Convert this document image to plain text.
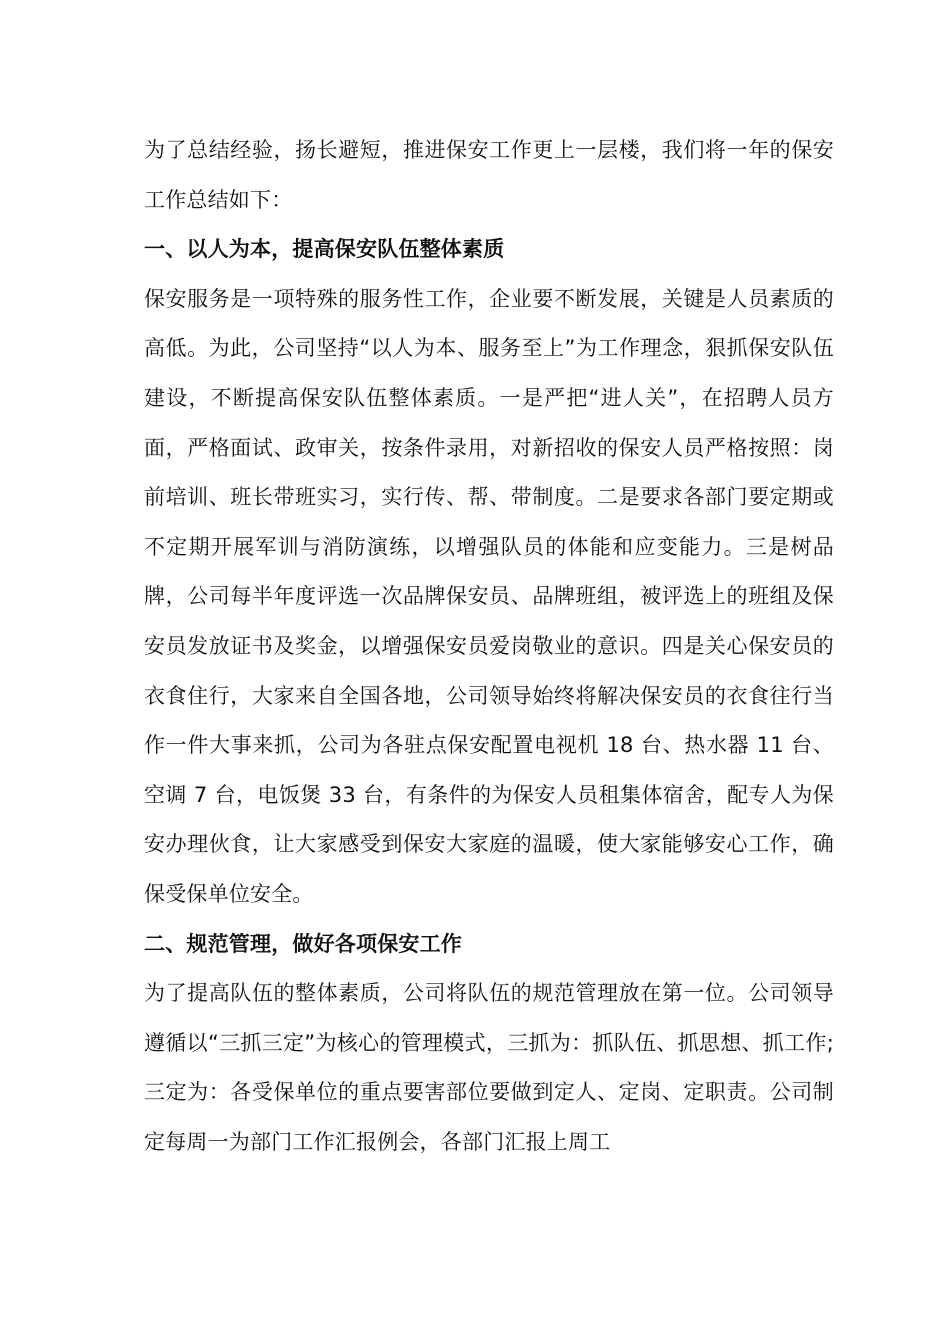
为了总结经验，扬长避短，推进保安工作更上一层楼，我们将一年的保安工作总结如下：

一、以人为本，提高保安队伍整体素质

保安服务是一项特殊的服务性工作，企业要不断发展，关键是人员素质的高低。为此，公司坚持“以人为本、服务至上”为工作理念，狠抓保安队伍建设，不断提高保安队伍整体素质。一是严把“进人关”，在招聘人员方面，严格面试、政审关，按条件录用，对新招收的保安人员严格按照：岗前培训、班长带班实习，实行传、帮、带制度。二是要求各部门要定期或不定期开展军训与消防演练，以增强队员的体能和应变能力。三是树品牌，公司每半年度评选一次品牌保安员、品牌班组，被评选上的班组及保安员发放证书及奖金，以增强保安员爱岗敬业的意识。四是关心保安员的衣食住行，大家来自全国各地，公司领导始终将解决保安员的衣食往行当作一件大事来抓，公司为各驻点保安配置电视机 18 台、热水器 11 台、空调 7 台，电饭煲 33 台，有条件的为保安人员租集体宿舍，配专人为保安办理伙食，让大家感受到保安大家庭的温暖，使大家能够安心工作，确保受保单位安全。

二、规范管理，做好各项保安工作

为了提高队伍的整体素质，公司将队伍的规范管理放在第一位。公司领导遵循以“三抓三定”为核心的管理模式，三抓为：抓队伍、抓思想、抓工作;三定为：各受保单位的重点要害部位要做到定人、定岗、定职责。公司制定每周一为部门工作汇报例会，各部门汇报上周工
